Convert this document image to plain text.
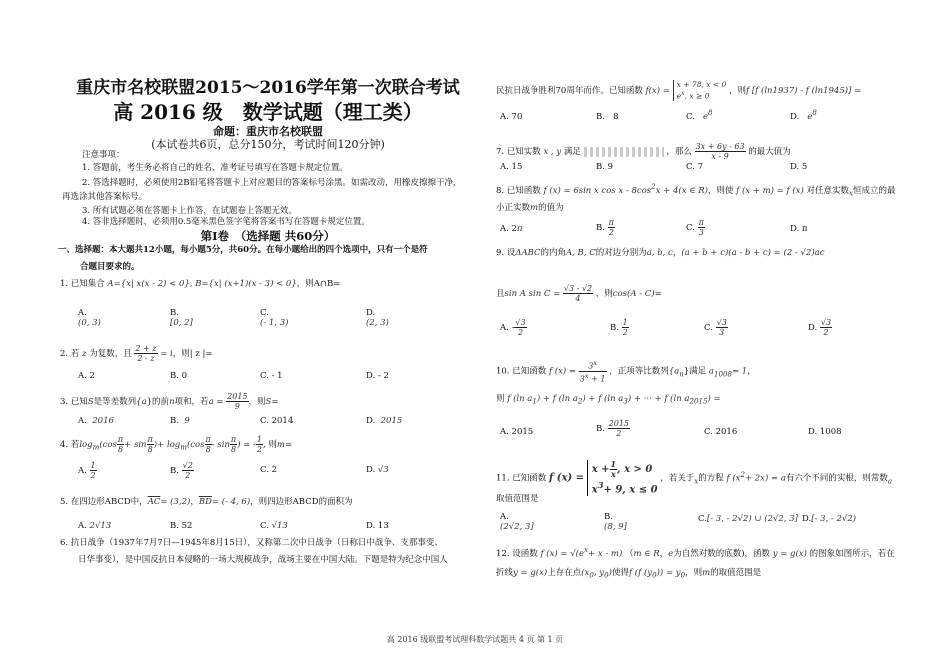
重庆市名校联盟2015～2016学年第一次联合考试
高 2016 级　数学试题（理工类）
命题：重庆市名校联盟
(本试卷共6页，总分150分，考试时间120分钟)
注意事项：
1. 答题前，考生务必将自己的姓名、准考证号填写在答题卡规定位置。
2. 答选择题时，必须使用2B铅笔将答题卡上对应题目的答案标号涂黑。如需改动，用橡皮擦擦干净，
再选涂其他答案标号。
3. 所有试题必须在答题卡上作答，在试题卷上答题无效。
4. 答非选择题时，必须用0.5毫米黑色签字笔将答案书写在答题卡规定位置。
第Ⅰ卷　（选择题 共60分）
一、选择题：本大题共12小题，每小题5分，共60分。在每小题给出的四个选项中，只有一个是符
合题目要求的。
1. 已知集合 A={x| x(x - 2) < 0}, B={x| (x+1)(x - 3) < 0}，则A∩B=
A.
(0, 3)
B.
[0, 2]
C.
(- 1, 3)
D.
(2, 3)
2. 若 z 为复数，且 $\frac{2 + z}{2 - z} = i$，则| z |=
A. 2	B. 0	C. - 1	D. - 2
3. 已知S是等差数列{a}的前n项和，若$a = \frac{2015}{9}$ ，则S=
A. 2016	B. 9	C. 2014	D. 2015
4. 若$\log_m(\cos \frac{\pi}{8} + \sin \frac{\pi}{8}$ )+ $\log_m(\cos \frac{\pi}{8}$ - $\sin \frac{\pi}{8}$ ) = - $\frac{1}{2}$ , 则m=
A. $\frac{1}{2}$	B. $\frac{√2}{2}$	C. 2	D. √3
5. 在四边形ABCD中，$\overline{AC}= (3,2)$，$\overline{BD}=$ (- 4, 6)，则四边形ABCD的面积为
A. 2√13	B. 52	C. √13	D. 13
6. 抗日战争（1937年7月7日—1945年8月15日），又称第二次中日战争（日称日中战争、支那事变、
日华事变），是中国反抗日本侵略的一场大规模战争，战场主要在中国大陆。下题是特为纪念中国人
民抗日战争胜利70周年而作。已知函数 f(x) = x + 78, x < 0
$e^x$, x ≥ 0 ，则f [f (ln1937) - f (ln1945)] =
A. 70	B. 8	C. $e^8$	D. $e^8$
7. 已知实数 x , y 满足	，那么 $\frac{3x + 6y - 63}{x - 9}$ 的最大值为
A. 15	B. 9	C. 7	D. 5
8. 已知函数 f (x) = 6sin x $\cos x - 8\cos^2x + 4(x$ ∈ R)，则使 f (x + m) = f (x) 对任意实数$_x$恒成立的最
小正实数m的值为
A. 2π	B. $\frac{\pi}{2}$	C. $\frac{\pi}{3}$	D. π
9. 设ΔABC的内角A, B, C的对边分别为a, b, c，(a + b + c)(a - b + c) = (2 - √2)ac
且sin A $\sin C = \frac{√3 - √2}{4}$ ，则cos(A - C)=
A. - $\frac{√3}{2}$	B. $\frac{1}{2}$	C. $\frac{√3}{3}$	D. $\frac{√3}{2}$
10. 已知函数 f $(x) = \frac{3^x}{3^x + 1}$ ，正项等比数列$\{a_n\}$满足 $a_{1008}= 1$，
则 f (ln $a_1) + f$ (ln $a_2) + f$ (ln $a_3$) + ··· + f (ln $a_{2015}$) =
A. 2015	B. $\frac{2015}{2}$	C. 2016	D. 1008
11. 已知函数 f $(x) = x + \frac{1}{x}$ , x > 0
$x^3+ 9$, x ≤ 0 ，若关于$_x$的方程 f $(x^2+ 2x) = a$有六个不同的实根，则常数$_a$
取值范围是
A.
(2√2, 3]
B.
(8, 9]
C.[- 3, - 2√2) ∪ (2√2, 3] D.[- 3, - 2√2)
12. 设函数 f $(x) = √(e^x+ x - m)$ （m ∈ R，e为自然对数的底数)，函数 y = g(x) 的图象如图所示，若在
折线y = g(x)上存在点($x_0$, $y_0$)使得f (f $(y_0)) = y_0$，则m的取值范围是
高 2016 级联盟考试理科数学试题共 4 页 第 1 页
